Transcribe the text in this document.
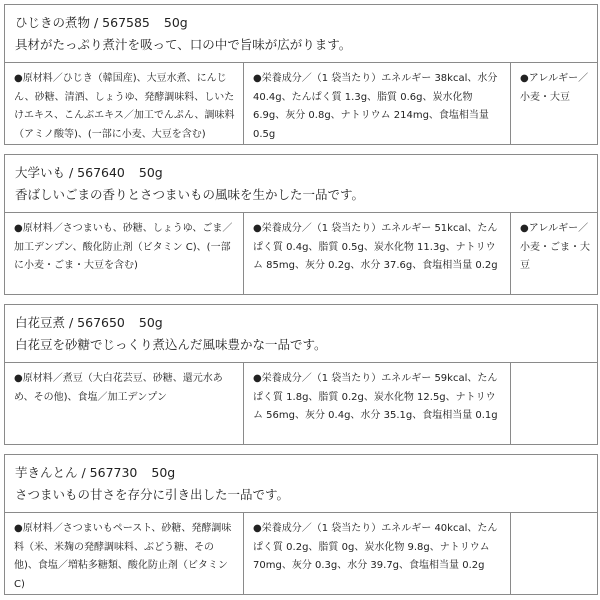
ひじきの煮物 / 567585 50g
具材がたっぷり煮汁を吸って、口の中で旨味が広がります。
●原材料／ひじき（韓国産)、大豆水煮、にんじん、砂糖、清酒、しょうゆ、発酵調味料、しいたけエキス、こんぶエキス／加工でんぷん、調味料（アミノ酸等)、(一部に小麦、大豆を含む)
●栄養成分／（1 袋当たり）エネルギー 38kcal、水分 40.4g、たんぱく質 1.3g、脂質 0.6g、炭水化物 6.9g、灰分 0.8g、ナトリウム 214mg、食塩相当量 0.5g
●アレルギー／小麦・大豆
大学いも / 567640 50g
香ばしいごまの香りとさつまいもの風味を生かした一品です。
●原材料／さつまいも、砂糖、しょうゆ、ごま／加工デンプン、酸化防止剤（ビタミン C)、(一部に小麦・ごま・大豆を含む)
●栄養成分／（1 袋当たり）エネルギー 51kcal、たんぱく質 0.4g、脂質 0.5g、炭水化物 11.3g、ナトリウム 85mg、灰分 0.2g、水分 37.6g、食塩相当量 0.2g
●アレルギー／小麦・ごま・大豆
白花豆煮 / 567650 50g
白花豆を砂糖でじっくり煮込んだ風味豊かな一品です。
●原材料／煮豆（大白花芸豆、砂糖、還元水あめ、その他)、食塩／加工デンプン
●栄養成分／（1 袋当たり）エネルギー 59kcal、たんぱく質 1.8g、脂質 0.2g、炭水化物 12.5g、ナトリウム 56mg、灰分 0.4g、水分 35.1g、食塩相当量 0.1g
芋きんとん / 567730 50g
さつまいもの甘さを存分に引き出した一品です。
●原材料／さつまいもペースト、砂糖、発酵調味料（米、米麹の発酵調味料、ぶどう糖、その他)、食塩／増粘多糖類、酸化防止剤（ビタミン C)
●栄養成分／（1 袋当たり）エネルギー 40kcal、たんぱく質 0.2g、脂質 0g、炭水化物 9.8g、ナトリウム 70mg、灰分 0.3g、水分 39.7g、食塩相当量 0.2g
